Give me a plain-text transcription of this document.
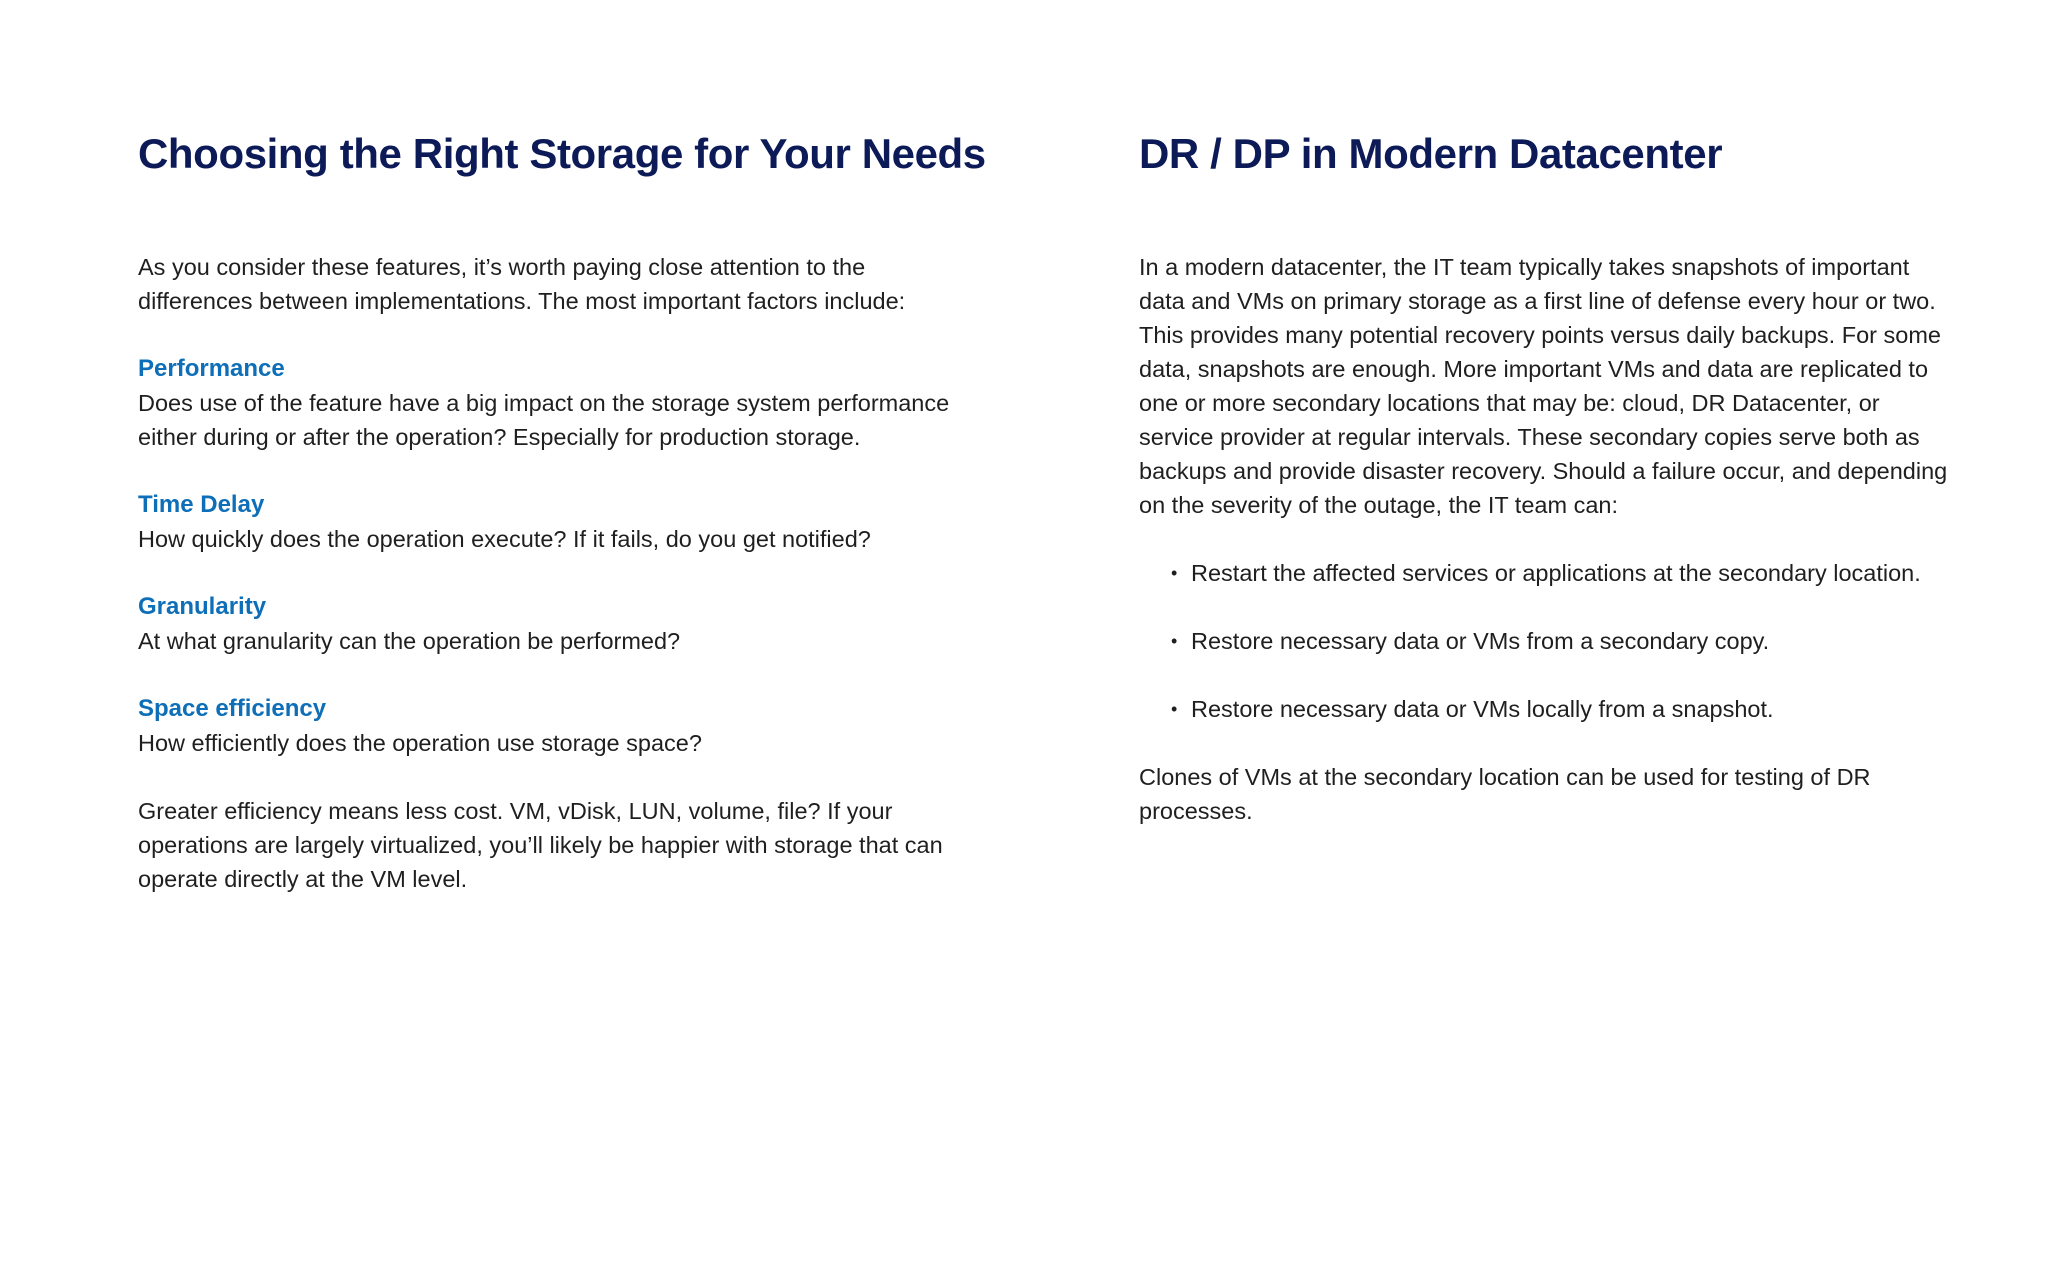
Choosing the Right Storage for Your Needs

As you consider these features, it’s worth paying close attention to the differences between implementations. The most important factors include:

Performance

Does use of the feature have a big impact on the storage system performance either during or after the operation? Especially for production storage.

Time Delay

How quickly does the operation execute? If it fails, do you get notified?

Granularity

At what granularity can the operation be performed?

Space efficiency

How efficiently does the operation use storage space?

Greater efficiency means less cost. VM, vDisk, LUN, volume, file? If your operations are largely virtualized, you’ll likely be happier with storage that can operate directly at the VM level.

DR / DP in Modern Datacenter

In a modern datacenter, the IT team typically takes snapshots of important data and VMs on primary storage as a first line of defense every hour or two. This provides many potential recovery points versus daily backups. For some data, snapshots are enough. More important VMs and data are replicated to one or more secondary locations that may be: cloud, DR Datacenter, or service provider at regular intervals. These secondary copies serve both as backups and provide disaster recovery. Should a failure occur, and depending on the severity of the outage, the IT team can:

• Restart the affected services or applications at the secondary location.
• Restore necessary data or VMs from a secondary copy.
• Restore necessary data or VMs locally from a snapshot.

Clones of VMs at the secondary location can be used for testing of DR processes.
